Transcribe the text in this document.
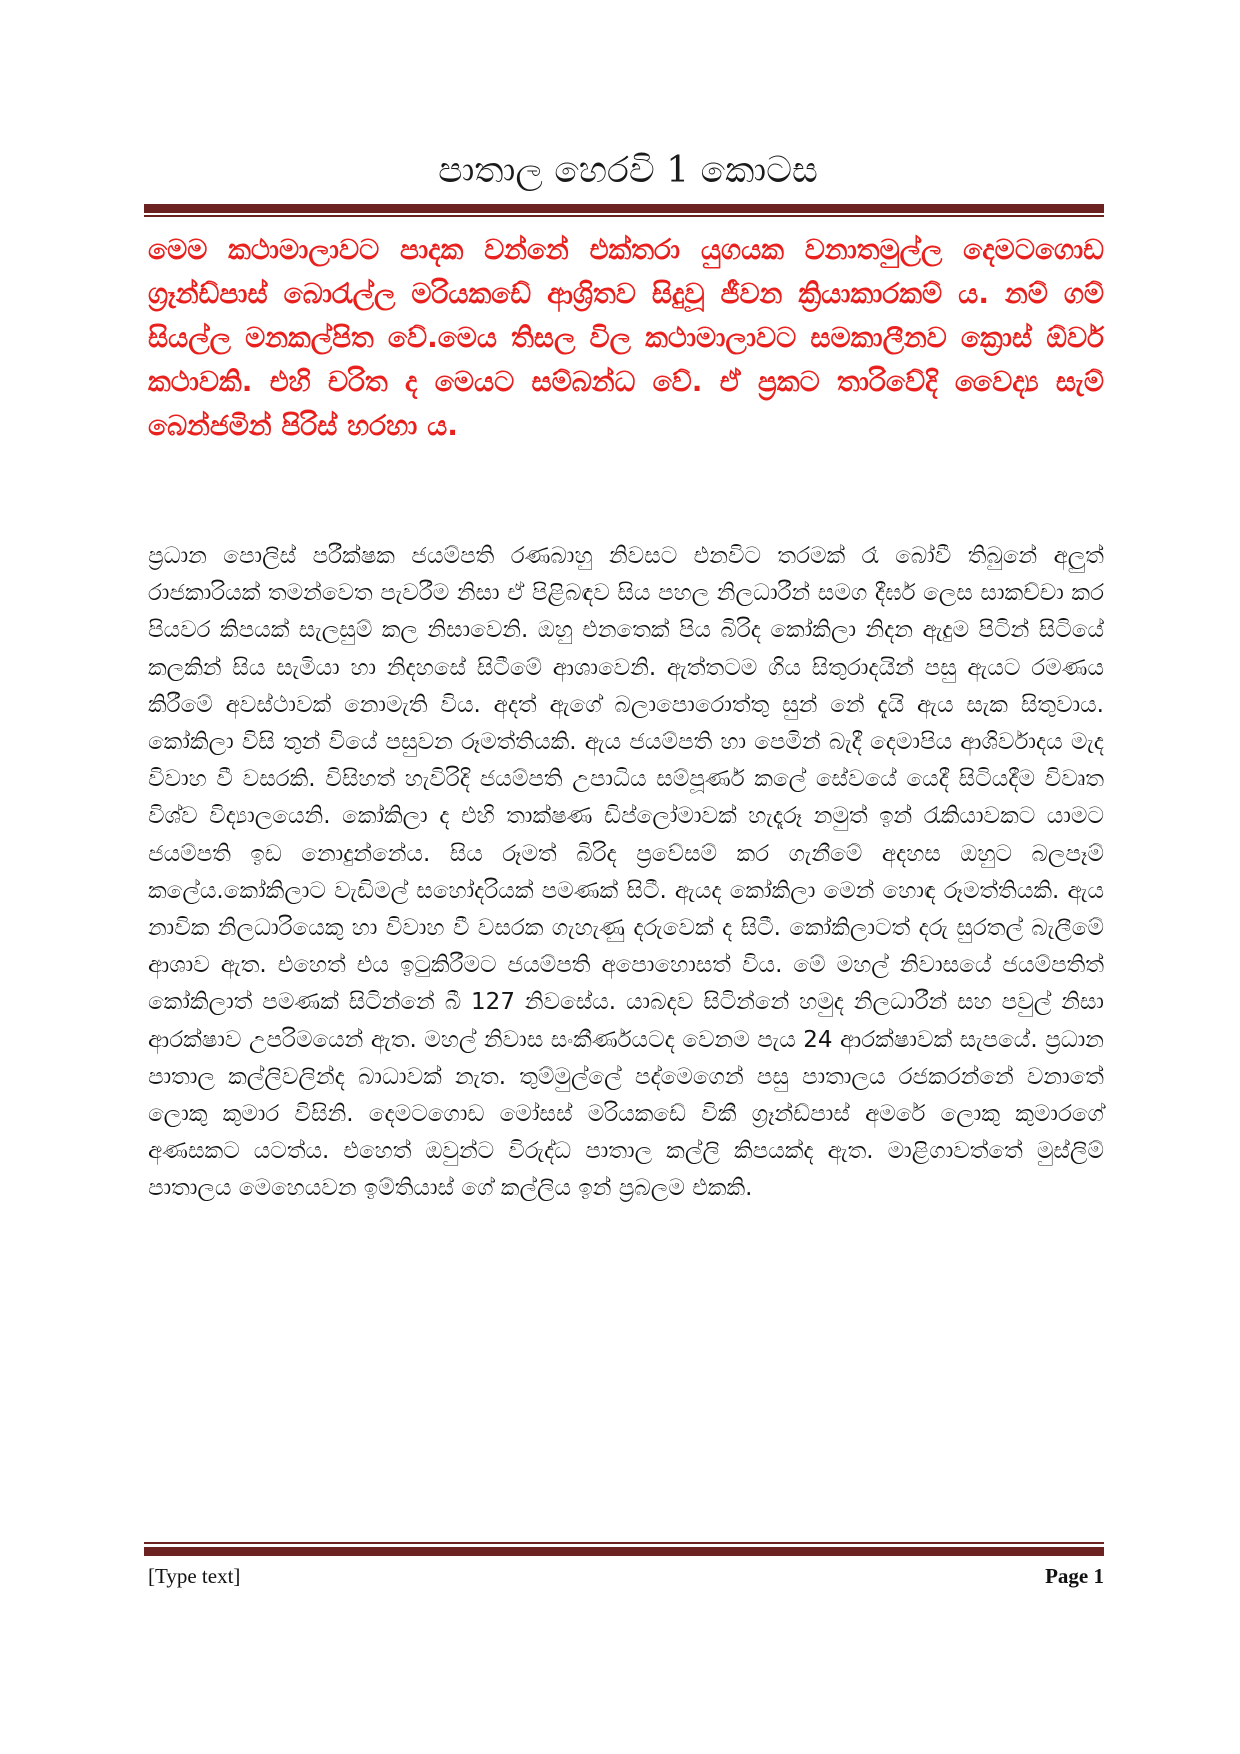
පාතාල හෙරවි 1 කොටස

මෙම කථාමාලාවට පාදක වන්නේ එක්තරා යුගයක වනාතමුල්ල දෙමටගොඩ ග්‍රෑන්ඩ්පාස් බොරැල්ල මරියකඩේ ආශ්‍රිතව සිදුවූ ජීවන ක්‍රියාකාරකම් ය. නම් ගම් සියල්ල මනකල්පිත වේ.මෙය තිසල විල කථාමාලාවට සමකාලීනව ක්‍රොස් ඕවර් කථාවකි. එහි චරිත ද මෙයට සම්බන්ධ වේ. ඒ ප්‍රකට තාරිවේදි වෛද්‍ය සැම් බෙන්ජමින් පිරිස් හරහා ය.

ප්‍රධාන පොලිස් පරීක්ෂක ජයම්පති රණබාහු නිවසට එනවිට තරමක් රෑ බෝවී තිබුනේ අලුත් රාජකාරියක් තමන්වෙත පැවරීම නිසා ඒ පිළිබඳව සිය පහල නිලධාරීන් සමග දීර්ඝ ලෙස සාකච්චා කර පියවර කිපයක් සැලසුම් කල නිසාවෙනි. ඔහු එනතෙක් පිය බිරිද කෝකිලා නිදන ඇදුම පිටින් සිටියේ කලකින් සිය සැමියා හා නිදහසේ සිටීමේ ආශාවෙනි. ඇත්තටම ගිය සිතුරාදයින් පසු ඇයට රමණය කිරීමේ අවස්ථාවක් නොමැති විය. අදත් ඇගේ බලාපොරොත්තු සුන් නේ දැයි ඇය සැක සිතුවාය. කෝකිලා විසි තුන් වියේ පසුවන රූමත්තියකි. ඇය ජයම්පති හා පෙමින් බැදී දෙමාපිය ආශිර්වාදය මැද විවාහ වී වසරකි. විසිහත් හැවිරිදි ජයම්පති උපාධිය සම්පූර්ණ කලේ සේවයේ යෙදී සිටියදීම විවෘත විශ්ව විද්‍යාලයෙනි. කෝකිලා ද එහි තාක්ෂණ ඩිප්ලෝමාවක් හැදෑරූ නමුත් ඉන් රැකියාවකට යාමට ජයම්පති ඉඩ නොදුන්නේය. සිය රූමත් බිරිද ප්‍රවේසම් කර ගැනීමේ අදහස ඔහුට බලපෑම් කලේය.කෝකිලාට වැඩිමල් සහෝදරියක් පමණක් සිටී. ඇයද කෝකිලා මෙන් හොඳ රූමත්තියකි. ඇය නාවික නිලධාරියෙකු හා විවාහ වී වසරක ගැහැණු දරුවෙක් ද සිටී. කෝකිලාටත් දරු සුරතල් බැලීමේ ආශාව ඇත. එහෙත් එය ඉටුකිරීමට ජයම්පති අපොහොසත් විය. මේ මහල් නිවාසයේ ජයම්පතිත් කෝකිලාත් පමණක් සිටින්නේ බී 127 නිවසේය. යාබදව සිටින්නේ හමුද නිලධාරීන් සහ පවුල් නිසා ආරක්ෂාව උපරිමයෙන් ඇත. මහල් නිවාස සංකීර්ණයටද වෙනම පැය 24 ආරක්ෂාවක් සැපයේ. ප්‍රධාන පාතාල කල්ලිවලින්ද බාධාවක් නැත. තුම්මුල්ලේ පද්මෙගෙන් පසු පාතාලය රජකරන්නේ වනාතේ ලොකු කුමාර විසිනි. දෙමටගොඩ මෝසස් මරියකඩේ විකී ග්‍රෑන්ඩ්පාස් අමරේ ලොකු කුමාරගේ අණසකට යටත්ය. එහෙත් ඔවුන්ට විරුද්ධ පාතාල කල්ලි කිපයක්ද ඇත. මාළිගාවත්තේ මුස්ලිම් පාතාලය මෙහෙයවන ඉම්තියාස් ගේ කල්ලිය ඉන් ප්‍රබලම එකකි.

[Type text]	Page 1
